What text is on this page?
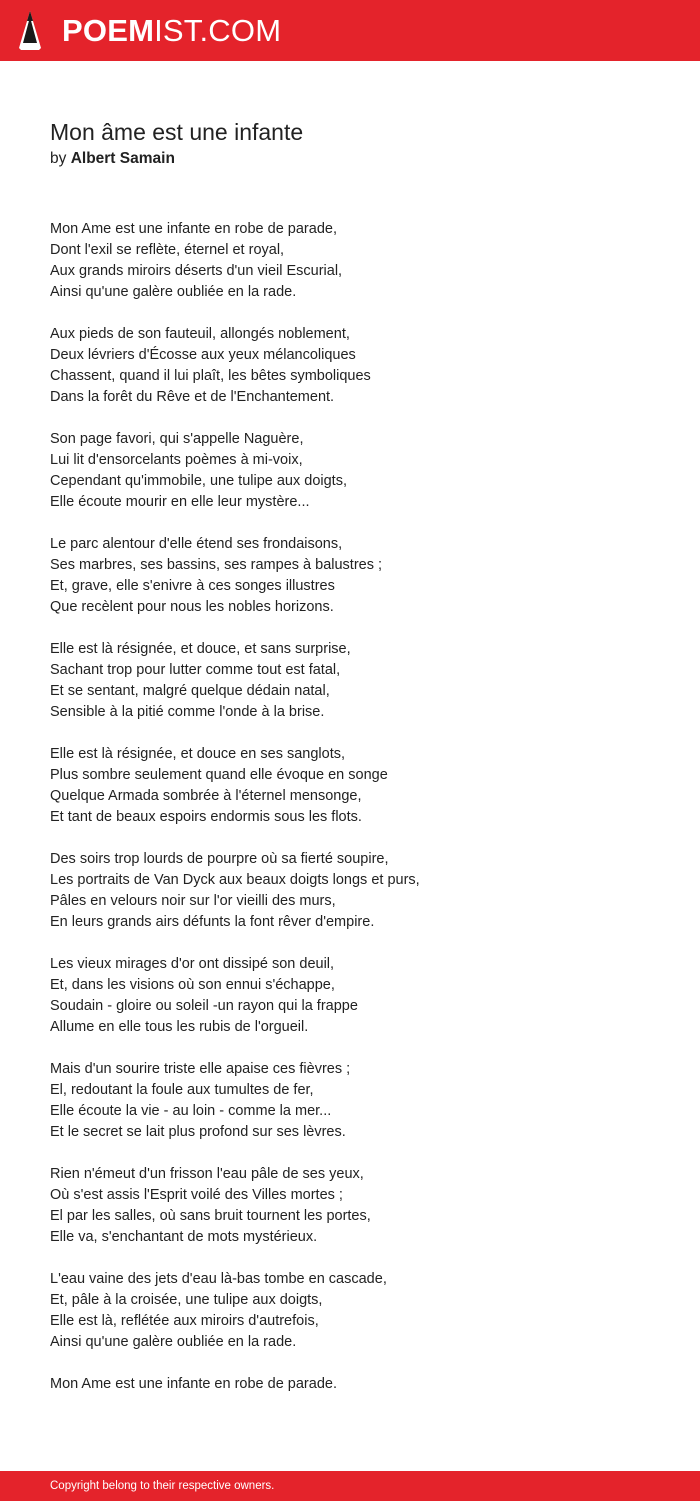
POEMIST.COM
Mon âme est une infante
by Albert Samain
Mon Ame est une infante en robe de parade,
Dont l'exil se reflète, éternel et royal,
Aux grands miroirs déserts d'un vieil Escurial,
Ainsi qu'une galère oubliée en la rade.
Aux pieds de son fauteuil, allongés noblement,
Deux lévriers d'Écosse aux yeux mélancoliques
Chassent, quand il lui plaît, les bêtes symboliques
Dans la forêt du Rêve et de l'Enchantement.
Son page favori, qui s'appelle Naguère,
Lui lit d'ensorcelants poèmes à mi-voix,
Cependant qu'immobile, une tulipe aux doigts,
Elle écoute mourir en elle leur mystère...
Le parc alentour d'elle étend ses frondaisons,
Ses marbres, ses bassins, ses rampes à balustres ;
Et, grave, elle s'enivre à ces songes illustres
Que recèlent pour nous les nobles horizons.
Elle est là résignée, et douce, et sans surprise,
Sachant trop pour lutter comme tout est fatal,
Et se sentant, malgré quelque dédain natal,
Sensible à la pitié comme l'onde à la brise.
Elle est là résignée, et douce en ses sanglots,
Plus sombre seulement quand elle évoque en songe
Quelque Armada sombrée à l'éternel mensonge,
Et tant de beaux espoirs endormis sous les flots.
Des soirs trop lourds de pourpre où sa fierté soupire,
Les portraits de Van Dyck aux beaux doigts longs et purs,
Pâles en velours noir sur l'or vieilli des murs,
En leurs grands airs défunts la font rêver d'empire.
Les vieux mirages d'or ont dissipé son deuil,
Et, dans les visions où son ennui s'échappe,
Soudain - gloire ou soleil -un rayon qui la frappe
Allume en elle tous les rubis de l'orgueil.
Mais d'un sourire triste elle apaise ces fièvres ;
El, redoutant la foule aux tumultes de fer,
Elle écoute la vie - au loin - comme la mer...
Et le secret se lait plus profond sur ses lèvres.
Rien n'émeut d'un frisson l'eau pâle de ses yeux,
Où s'est assis l'Esprit voilé des Villes mortes ;
El par les salles, où sans bruit tournent les portes,
Elle va, s'enchantant de mots mystérieux.
L'eau vaine des jets d'eau là-bas tombe en cascade,
Et, pâle à la croisée, une tulipe aux doigts,
Elle est là, reflétée aux miroirs d'autrefois,
Ainsi qu'une galère oubliée en la rade.
Mon Ame est une infante en robe de parade.
Copyright belong to their respective owners.
